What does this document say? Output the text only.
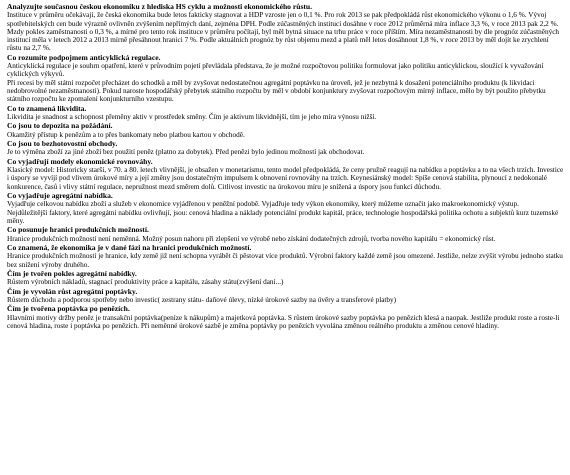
Analyzujte současnou českou ekonomiku z hlediska HS cyklu a možnosti ekonomického růstu.

Instituce v průměru očekávají, že česká ekonomika bude letos fakticky stagnovat a HDP vzroste jen o 0,1 %. Pro rok 2013 se pak předpokládá růst ekonomického výkonu o 1,6 %. Vývoj spotřebitelských cen bude výrazně ovlivněn zvýšením nepřímých daní, zejména DPH. Podle zúčastněných institucí dosáhne v roce 2012 průměrná míra inflace 3,3 %, v roce 2013 pak 2,2 %. Mzdy pokles zaměstnanosti o 0,3 %, a mírné pro tento rok instituce v průměru počítají, byl měl bytná situace na trhu práce v roce příštím. Míra nezaměstnanosti by dle prognóz zúčastněných institucí měla v letech 2012 a 2013 mírně přesáhnout hranici 7 %. Podle aktuálních prognóz by růst objemu mezd a platů měl letos dosáhnout 1,8 %, v roce 2013 by měl dojít ke zrychlení růstu na 2,7 %.

Co rozumíte podpojmem anticyklická regulace.

Anticyklická regulace je souhrn opatření, které v průvodním pojetí převládala představa, že je možné rozpočtovou politiku formulovat jako politiku anticyklickou, sloužící k vyvažování cyklických výkyvů.

Při recesi by měl státní rozpočet přecházet do schodků a měl by zvyšovat nedostatečnou agregátní poptávku na úroveň, jež je nezbytná k dosažení potenciálního produktu (k likvidaci nedobrovolné nezaměstnanosti). Pokud naroste hospodářský přebytek státního rozpočtu by měl v období konjunktury zvyšovat rozpočtovým mírný inflace, mělo by být použito přebytku státního rozpočtu ke zpomalení konjunkturního vzestupu.

Co to znamená likvidita.

Likvidita je snadnost a schopnost přeměny aktiv v prostředek směny. Čím je aktivum likvidnější, tím je jeho míra výnosu nižší.

Co jsou to depozita na požádání.

Okamžitý přístup k penězům a to přes bankomaty nebo platbou kartou v obchodě.

Co jsou to bezhotovostní obchody.

Je to výměna zboží za jiné zboží bez použití peněz (platno za dobytek). Před penězi bylo jedinou možností jak obchodovat.

Co vyjadřují modely ekonomické rovnováhy.

Klasický model: Historicky starší, v 70. a 80. letech vlivnější, je obsažen v monetarismu, tento model předpokládá, že ceny pružně reagují na nabídku a poptávku a to na všech trzích. Investice i úspory se vyvíjí pod vlivem úrokové míry a její změny jsou dostatečným impulsem k obnovení rovnováhy na trzích. Keynesiánský model: Spíše cenová stabilita, plynoucí z nedokonalé konkurence, časů i vlivy státní regulace, nepružnost mezd směrem dolů. Citlivost investic na úrokovou míru je snížená a úspory jsou funkcí důchodu.

Co vyjadřuje agregátní nabídka.

Vyjadřuje celkovou nabídku zboží a služeb v ekonomice vyjádřenou v peněžní podobě. Vyjadřuje tedy výkon ekonomiky, který můžeme označit jako makroekonomický výstup.

Nejdůležitější faktory, které agregátní nabídku ovlivňují, jsou: cenová hladina a náklady potenciální produkt kapitál, práce, technologie hospodářská politika ochotu a subjektů kurz tuzemské měny.

Co posunuje hranici produkčních možností.

Hranice produkčních možností není neměnná. Možný posun nahoru při zlepšení ve výrobě nebo získání dodatečných zdrojů, tvorba nového kapitálu = ekonomický růst.

Co znamená, že ekonomika je v dané fázi na hranici produkčních možností.

Hranice produkčních možností je hranice, kdy země již není schopna vyrábět či pěstovat více produktů. Výrobní faktory každé země jsou omezené. Jestliže, nelze zvýšit výrobu jednoho statku bez snížení výroby druhého.

Čím je tvořen pokles agregátní nabídky.

Růstem výrobních nákladů, stagnací produktivity práce a kapitálu, zásahy státu(zvýšení daní...)

Čím je vyvolán růst agregátní poptávky.

Růstem důchodu a podporou spotřeby nebo investic( zestrany státu- daňové úlevy, nízké úrokové sazby na úvěry a transferové platby)

Čím je tvořena poptávka po penězích.

Hlavními motivy držby peněz je transakční poptávka(peníze k nákupům) a majetková poptávka. S růstem úrokové sazby poptávka po penězích klesá a naopak. Jestliže produkt roste a roste-li cenová hladina, roste i poptávka po penězích. Při neměnné úrokové sazbě je změna poptávky po penězích vyvolána změnou reálného produktu a změnou cenové hladiny.
